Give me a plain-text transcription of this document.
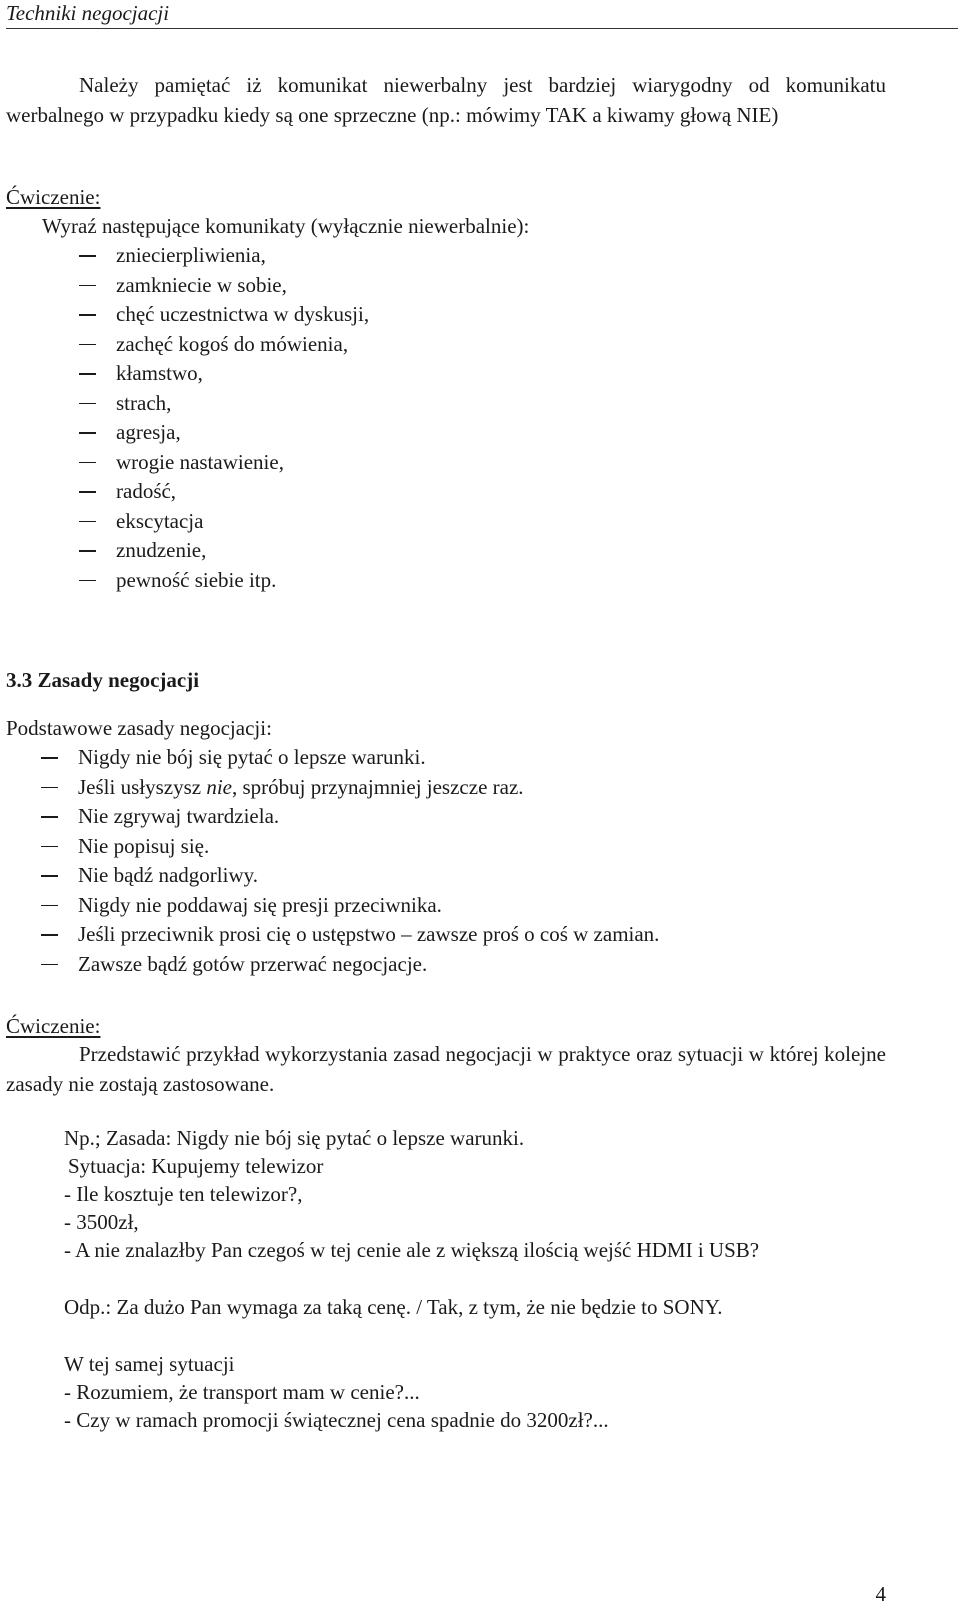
Techniki negocjacji
Należy pamiętać iż komunikat niewerbalny jest bardziej wiarygodny od komunikatu werbalnego w przypadku kiedy są one sprzeczne (np.: mówimy TAK a kiwamy głową NIE)
Ćwiczenie:
Wyraź następujące komunikaty (wyłącznie niewerbalnie):
zniecierpliwienia,
zamkniecie w sobie,
chęć uczestnictwa w dyskusji,
zachęć kogoś do mówienia,
kłamstwo,
strach,
agresja,
wrogie nastawienie,
radość,
ekscytacja
znudzenie,
pewność siebie itp.
3.3 Zasady negocjacji
Podstawowe zasady negocjacji:
Nigdy nie bój się pytać o lepsze warunki.
Jeśli usłyszysz nie, spróbuj przynajmniej jeszcze raz.
Nie zgrywaj twardziela.
Nie popisuj się.
Nie bądź nadgorliwy.
Nigdy nie poddawaj się presji przeciwnika.
Jeśli przeciwnik prosi cię o ustępstwo – zawsze proś o coś w zamian.
Zawsze bądź gotów przerwać negocjacje.
Ćwiczenie:
Przedstawić przykład wykorzystania zasad negocjacji w praktyce oraz sytuacji w której kolejne zasady nie zostają zastosowane.
Np.; Zasada: Nigdy nie bój się pytać o lepsze warunki.
Sytuacja: Kupujemy telewizor
- Ile kosztuje ten telewizor?,
- 3500zł,
- A nie znalazłby Pan czegoś w tej cenie ale z większą ilością wejść HDMI i USB?
Odp.: Za dużo Pan wymaga za taką cenę. / Tak, z tym, że nie będzie to SONY.
W tej samej sytuacji
- Rozumiem, że transport mam w cenie?...
- Czy w ramach promocji świątecznej cena spadnie do 3200zł?...
4
